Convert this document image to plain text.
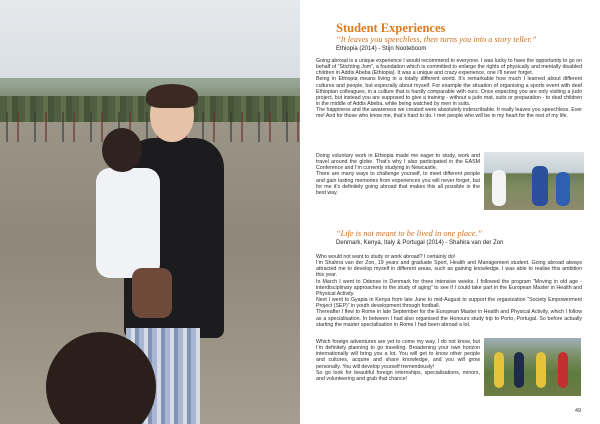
Student Experiences

“It leaves you speechless, then turns you into a story teller.”

Ethiopia (2014) - Stijn Nooteboom

Going abroad is a unique experience I would recommend to everyone. I was lucky to have the opportunity to go on behalf of “Stichting Jom”, a foundation which is committed to enlarge the rights of physically and mentally disabled children in Addis Abeba (Ethiopia). It was a unique and crazy experience, one I’ll never forget.

Being in Ethiopia means living in a totally different world. It’s remarkable how much I learned about different cultures and people, but especially about myself. For example the situation of organising a sports event with deaf Ethiopian colleagues, in a culture that is hardly comparable with ours. Once expecting you are only visiting a judo project, but instead you are supposed to give a training - without a judo mat, suits or preparation - to deaf children in the middle of Addis Abeba, while being watched by men in suits.

The happiness and the awareness we created were absolutely indescribable. It really leaves you speechless. Ever me! And for those who know me, that’s hard to do. I met people who will be in my heart for the rest of my life.

Doing voluntary work in Ethiopia made me eager to study, work and travel around the globe. That’s why I also participated in the EASM Conference and I’m currently studying in Newcastle.

There are many ways to challenge yourself, to meet different people and gain lasting memories from experiences you will never forget, but for me it’s definitely going abroad that makes this all possible in the best way.

“Life is not meant to be lived in one place.”

Denmark, Kenya, Italy & Portugal (2014) - Shahira van der Zon

Who would not want to study or work abroad? I certainly do!

I’m Shahira van der Zon, 19 years and graduate Sport, Health and Management student. Going abroad always attracted me to develop myself in different areas, such as gaining knowledge. I was able to realise this ambition this year.

In March I went to Odense in Denmark for three intensive weeks. I followed the program “Moving in old age - interdisciplinary approaches to the study of aging” to see if I could take part in the European Master in Health and Physical Activity.

Next I went to Gyapia in Kenya from late June to mid-August to support the organization “Society Empowerment Project (SEP)” in youth development through football.

Thereafter I flew to Rome in late September for the European Master in Health and Physical Activity, which I follow as a specialisation. In between I had also organised the Honours study trip to Porto, Portugal. So before actually starting the master specialisation in Rome I had been abroad a lot.

Which foreign adventures are yet to come my way, I do not know, but I’m definitely planning to go traveling. Broadening your own horizon internationally will bring you a lot. You will get to know other people and cultures, acquire and share knowledge, and you will grow personally. You will develop yourself tremendously!

So go look for beautiful foreign internships, specialisations, minors, and volunteering and grab that chance!

49
